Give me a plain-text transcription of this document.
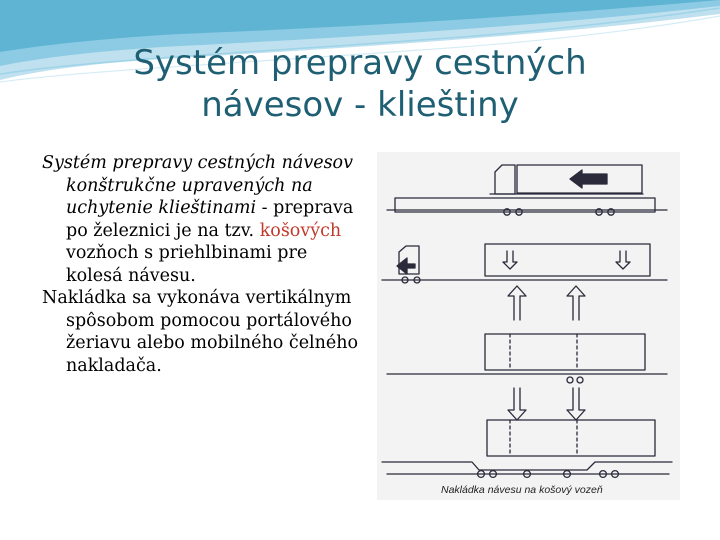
Systém prepravy cestných
návesov - klieštiny

Systém prepravy cestných návesov konštrukčne upravených na uchytenie klieštinami - preprava po železnici je na tzv. košových vozňoch s priehlbinami pre kolesá návesu.

Nakládka sa vykonáva vertikálnym spôsobom pomocou portálového žeriavu alebo mobilného čelného nakladača.

Nakládka návesu na košový vozeň
